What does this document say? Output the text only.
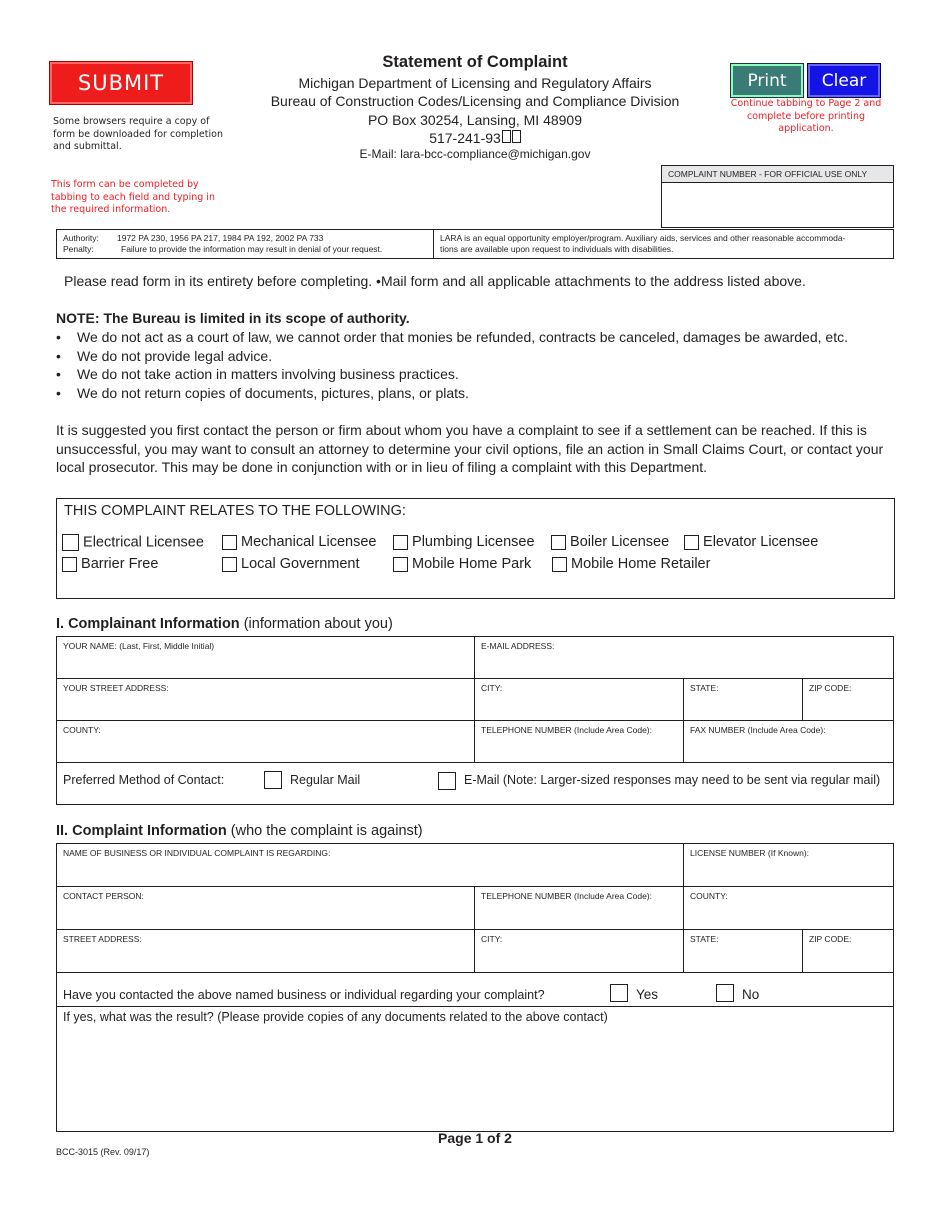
SUBMIT
Some browsers require a copy of form be downloaded for completion and submittal.
This form can be completed by tabbing to each field and typing in the required information.
Statement of Complaint
Michigan Department of Licensing and Regulatory Affairs
Bureau of Construction Codes/Licensing and Compliance Division
PO Box 30254, Lansing, MI 48909
517-241-93
E-Mail: lara-bcc-compliance@michigan.gov
Print	Clear
Continue tabbing to Page 2 and complete before printing application.
COMPLAINT NUMBER - FOR OFFICIAL USE ONLY
Authority: 1972 PA 230, 1956 PA 217, 1984 PA 192, 2002 PA 733
Penalty:	Failure to provide the information may result in denial of your request.
LARA is an equal opportunity employer/program. Auxiliary aids, services and other reasonable accommoda-
tions are available upon request to individuals with disabilities.
Please read form in its entirety before completing. •Mail form and all applicable attachments to the address listed above.
NOTE: The Bureau is limited in its scope of authority.
• We do not act as a court of law, we cannot order that monies be refunded, contracts be canceled, damages be awarded, etc.
• We do not provide legal advice.
• We do not take action in matters involving business practices.
• We do not return copies of documents, pictures, plans, or plats.
It is suggested you first contact the person or firm about whom you have a complaint to see if a settlement can be reached. If this is unsuccessful, you may want to consult an attorney to determine your civil options, file an action in Small Claims Court, or contact your local prosecutor. This may be done in conjunction with or in lieu of filing a complaint with this Department.
THIS COMPLAINT RELATES TO THE FOLLOWING:
Electrical Licensee	Mechanical Licensee	Plumbing Licensee	Boiler Licensee	Elevator Licensee
Barrier Free	Local Government	Mobile Home Park	Mobile Home Retailer
I. Complainant Information (information about you)
YOUR NAME: (Last, First, Middle Initial)	E-MAIL ADDRESS:
YOUR STREET ADDRESS:	CITY:	STATE:	ZIP CODE:
COUNTY:	TELEPHONE NUMBER (Include Area Code):	FAX NUMBER (Include Area Code):
Preferred Method of Contact:	Regular Mail	E-Mail (Note: Larger-sized responses may need to be sent via regular mail)
II. Complaint Information (who the complaint is against)
NAME OF BUSINESS OR INDIVIDUAL COMPLAINT IS REGARDING:	LICENSE NUMBER (If Known):
CONTACT PERSON:	TELEPHONE NUMBER (Include Area Code):	COUNTY:
STREET ADDRESS:	CITY:	STATE:	ZIP CODE:
Have you contacted the above named business or individual regarding your complaint?	Yes	No
If yes, what was the result? (Please provide copies of any documents related to the above contact)
Page 1 of 2
BCC-3015 (Rev. 09/17)
